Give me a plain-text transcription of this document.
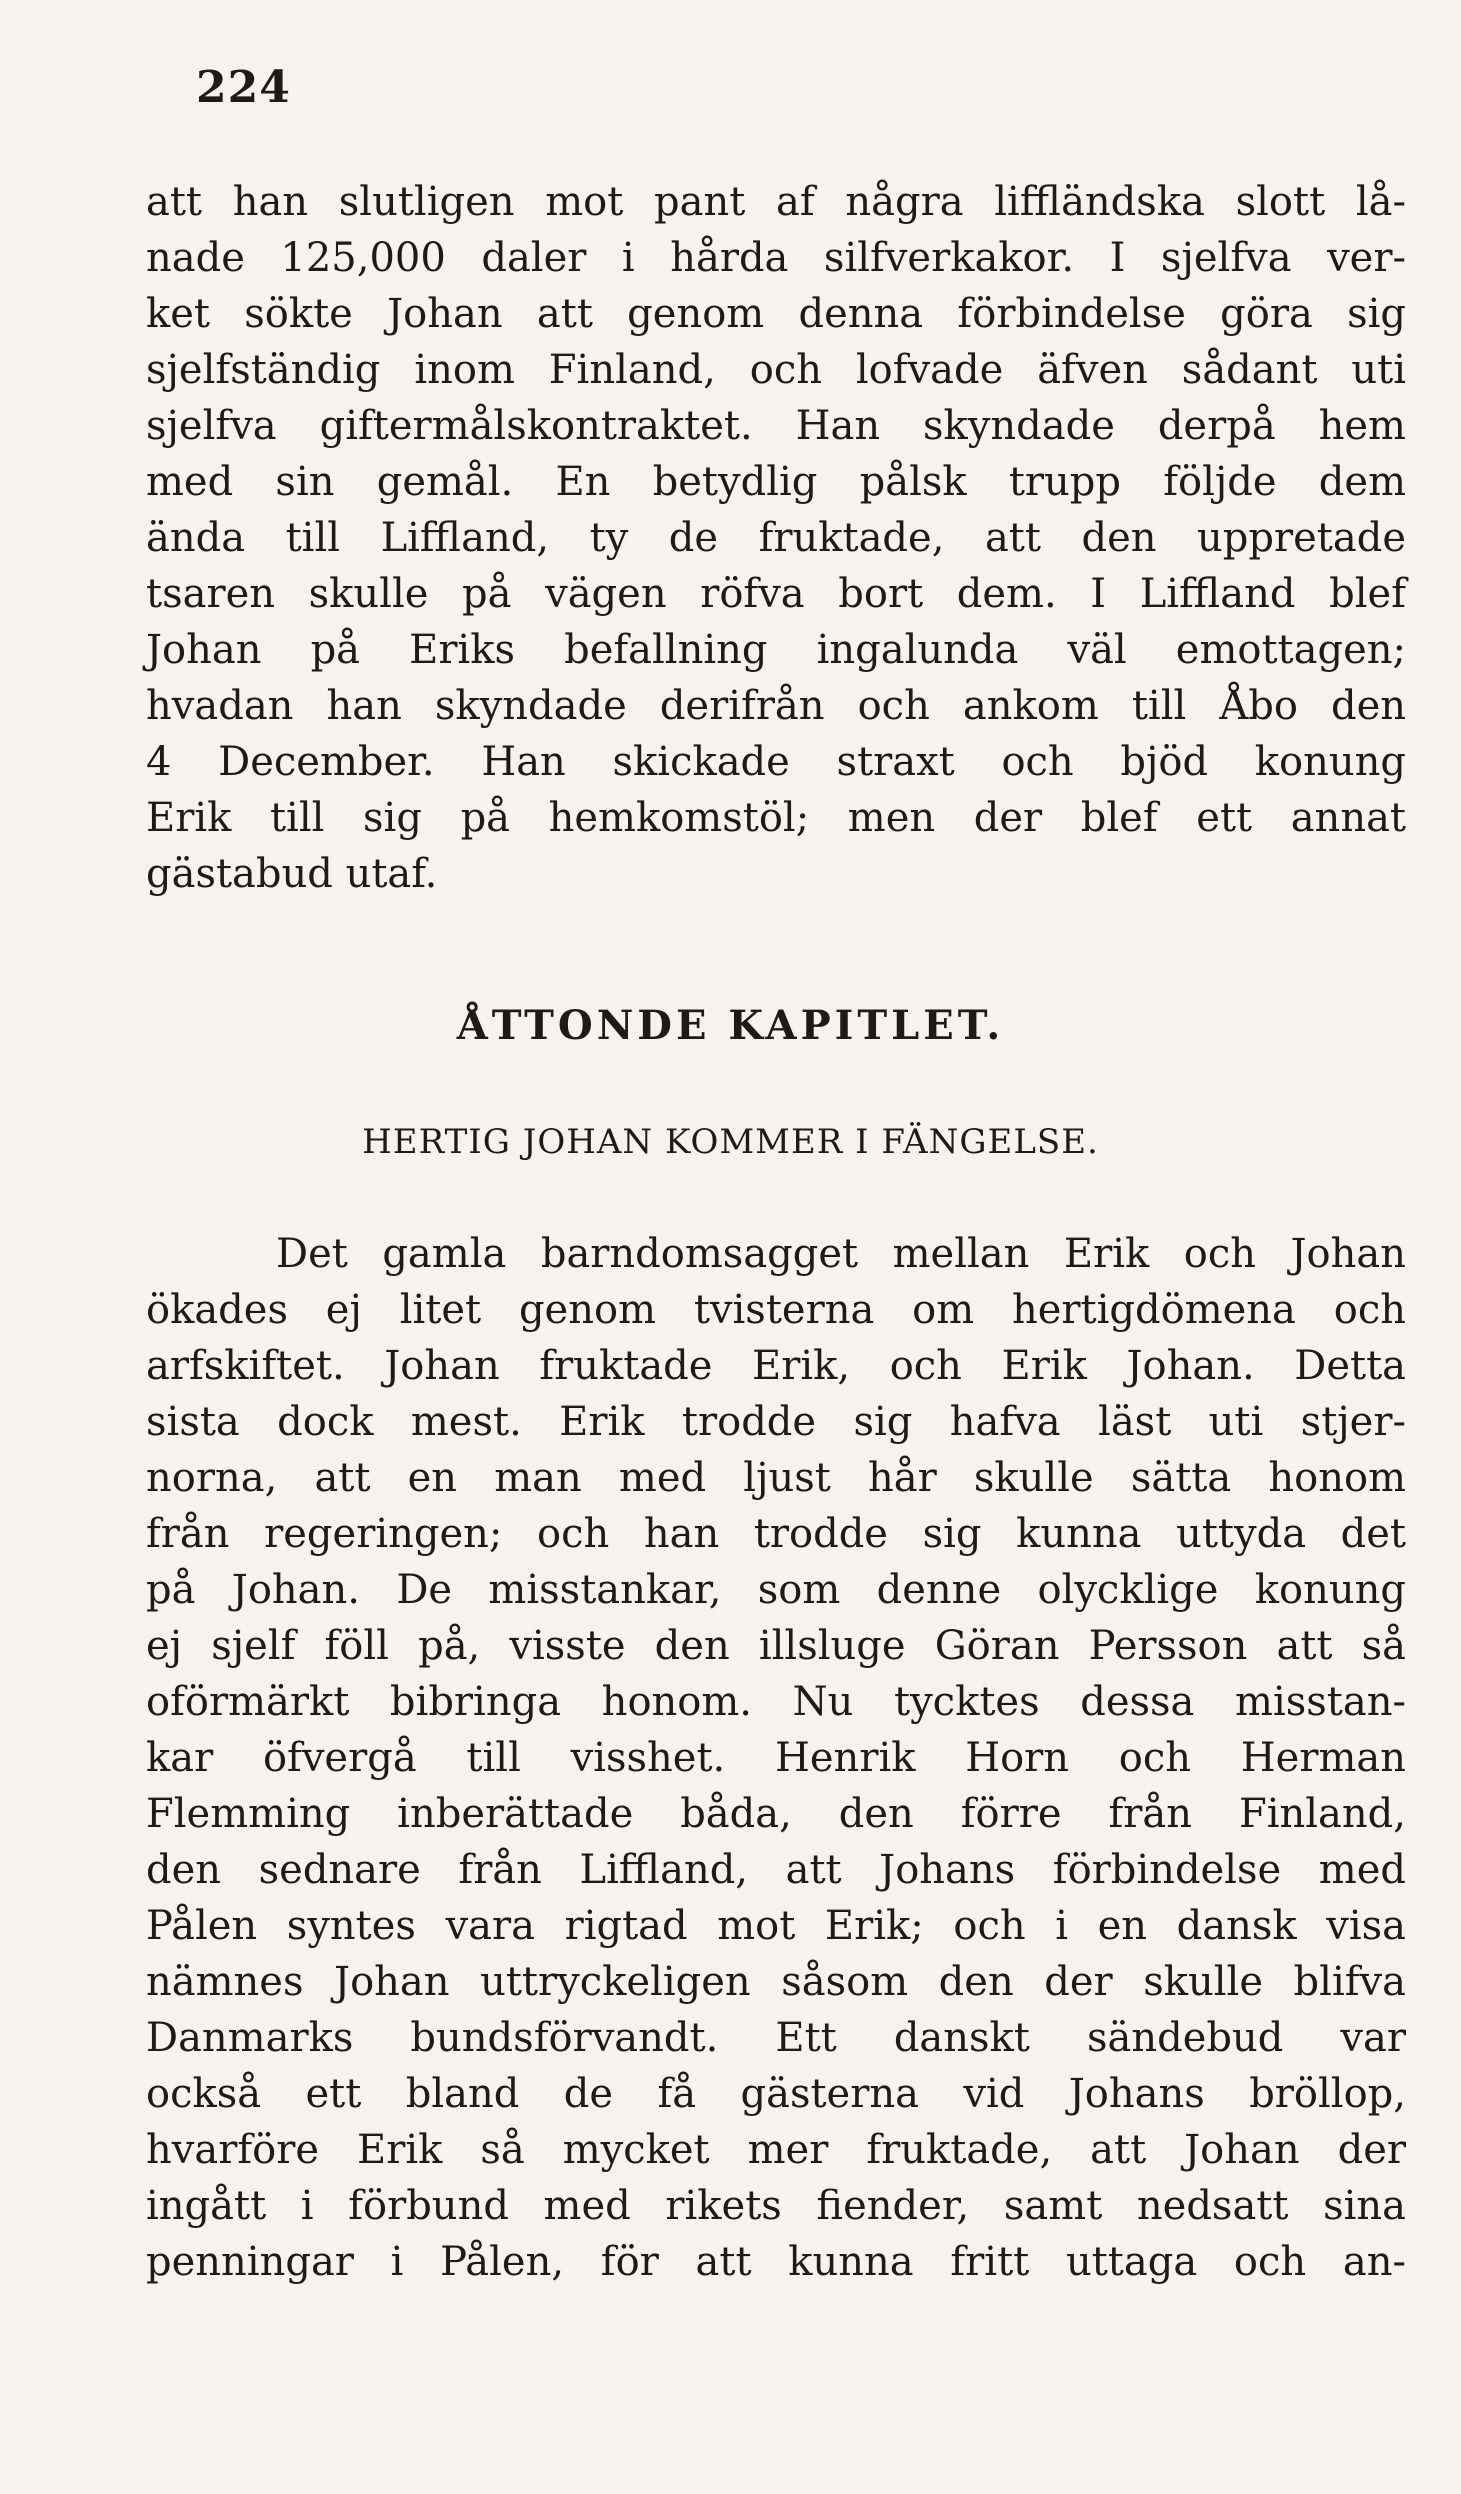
224
att han slutligen mot pant af några liffländska slott lå-
nade 125,000 daler i hårda silfverkakor. I sjelfva ver-
ket sökte Johan att genom denna förbindelse göra sig
sjelfständig inom Finland, och lofvade äfven sådant uti
sjelfva giftermålskontraktet. Han skyndade derpå hem
med sin gemål. En betydlig pålsk trupp följde dem
ända till Liffland, ty de fruktade, att den uppretade
tsaren skulle på vägen röfva bort dem. I Liffland blef
Johan på Eriks befallning ingalunda väl emottagen;
hvadan han skyndade derifrån och ankom till Åbo den
4 December. Han skickade straxt och bjöd konung
Erik till sig på hemkomstöl; men der blef ett annat
gästabud utaf.
ÅTTONDE KAPITLET.
HERTIG JOHAN KOMMER I FÄNGELSE.
Det gamla barndomsagget mellan Erik och Johan
ökades ej litet genom tvisterna om hertigdömena och
arfskiftet. Johan fruktade Erik, och Erik Johan. Detta
sista dock mest. Erik trodde sig hafva läst uti stjer-
norna, att en man med ljust hår skulle sätta honom
från regeringen; och han trodde sig kunna uttyda det
på Johan. De misstankar, som denne olycklige konung
ej sjelf föll på, visste den illsluge Göran Persson att så
oförmärkt bibringa honom. Nu tycktes dessa misstan-
kar öfvergå till visshet. Henrik Horn och Herman
Flemming inberättade båda, den förre från Finland,
den sednare från Liffland, att Johans förbindelse med
Pålen syntes vara rigtad mot Erik; och i en dansk visa
nämnes Johan uttryckeligen såsom den der skulle blifva
Danmarks bundsförvandt. Ett danskt sändebud var
också ett bland de få gästerna vid Johans bröllop,
hvarföre Erik så mycket mer fruktade, att Johan der
ingått i förbund med rikets fiender, samt nedsatt sina
penningar i Pålen, för att kunna fritt uttaga och an-
